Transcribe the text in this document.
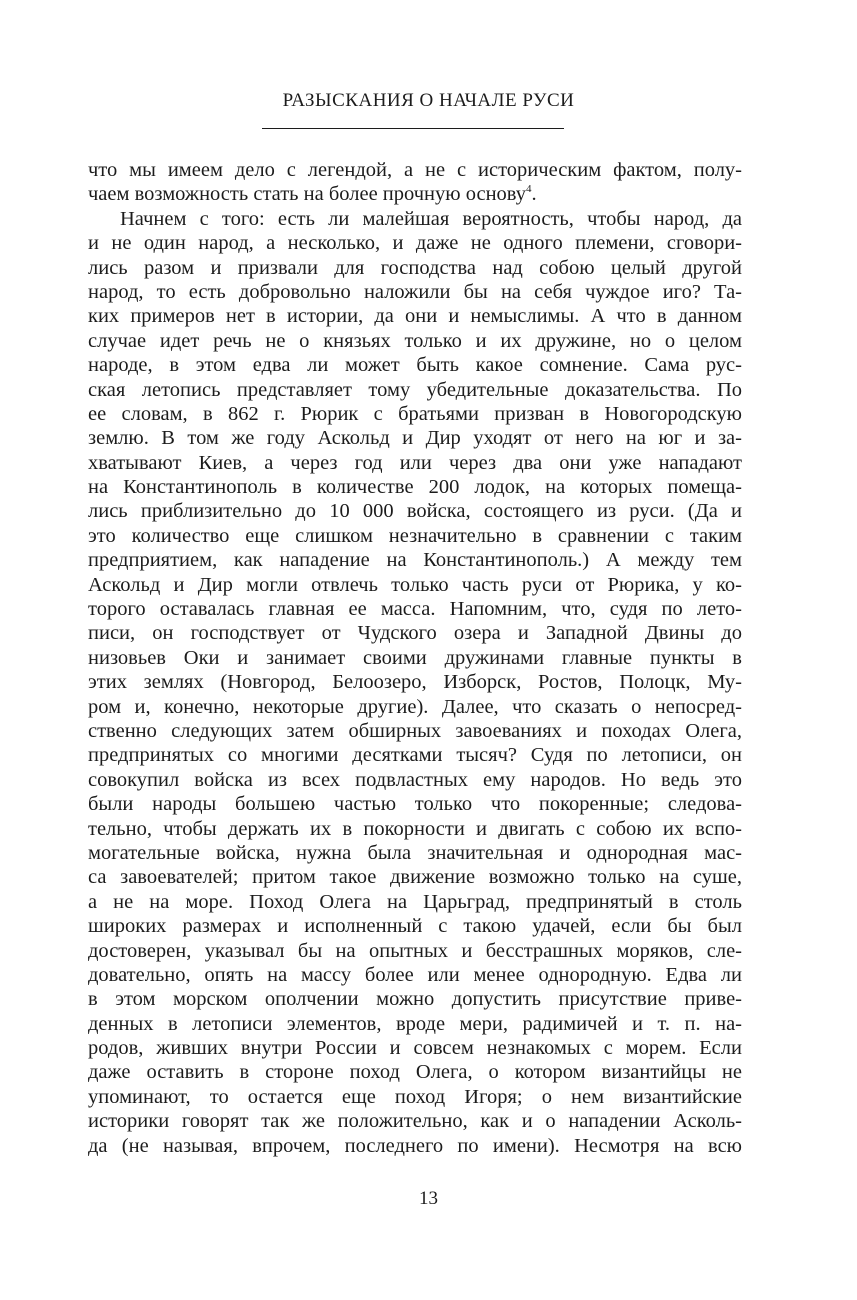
РАЗЫСКАНИЯ О НАЧАЛЕ РУСИ
что мы имеем дело с легендой, а не с историческим фактом, полу-
чаем возможность стать на более прочную основу$^4$.
Начнем с того: есть ли малейшая вероятность, чтобы народ, да
и не один народ, а несколько, и даже не одного племени, сговори-
лись разом и призвали для господства над собою целый другой
народ, то есть добровольно наложили бы на себя чуждое иго? Та-
ких примеров нет в истории, да они и немыслимы. А что в данном
случае идет речь не о князьях только и их дружине, но о целом
народе, в этом едва ли может быть какое сомнение. Сама рус-
ская летопись представляет тому убедительные доказательства. По
ее словам, в 862 г. Рюрик с братьями призван в Новогородскую
землю. В том же году Аскольд и Дир уходят от него на юг и за-
хватывают Киев, а через год или через два они уже нападают
на Константинополь в количестве 200 лодок, на которых помеща-
лись приблизительно до 10 000 войска, состоящего из руси. (Да и
это количество еще слишком незначительно в сравнении с таким
предприятием, как нападение на Константинополь.) А между тем
Аскольд и Дир могли отвлечь только часть руси от Рюрика, у ко-
торого оставалась главная ее масса. Напомним, что, судя по лето-
писи, он господствует от Чудского озера и Западной Двины до
низовьев Оки и занимает своими дружинами главные пункты в
этих землях (Новгород, Белоозеро, Изборск, Ростов, Полоцк, Му-
ром и, конечно, некоторые другие). Далее, что сказать о непосред-
ственно следующих затем обширных завоеваниях и походах Олега,
предпринятых со многими десятками тысяч? Судя по летописи, он
совокупил войска из всех подвластных ему народов. Но ведь это
были народы большею частью только что покоренные; следова-
тельно, чтобы держать их в покорности и двигать с собою их вспо-
могательные войска, нужна была значительная и однородная мас-
са завоевателей; притом такое движение возможно только на суше,
а не на море. Поход Олега на Царьград, предпринятый в столь
широких размерах и исполненный с такою удачей, если бы был
достоверен, указывал бы на опытных и бесстрашных моряков, сле-
довательно, опять на массу более или менее однородную. Едва ли
в этом морском ополчении можно допустить присутствие приве-
денных в летописи элементов, вроде мери, радимичей и т. п. на-
родов, живших внутри России и совсем незнакомых с морем. Если
даже оставить в стороне поход Олега, о котором византийцы не
упоминают, то остается еще поход Игоря; о нем византийские
историки говорят так же положительно, как и о нападении Асколь-
да (не называя, впрочем, последнего по имени). Несмотря на всю
13
